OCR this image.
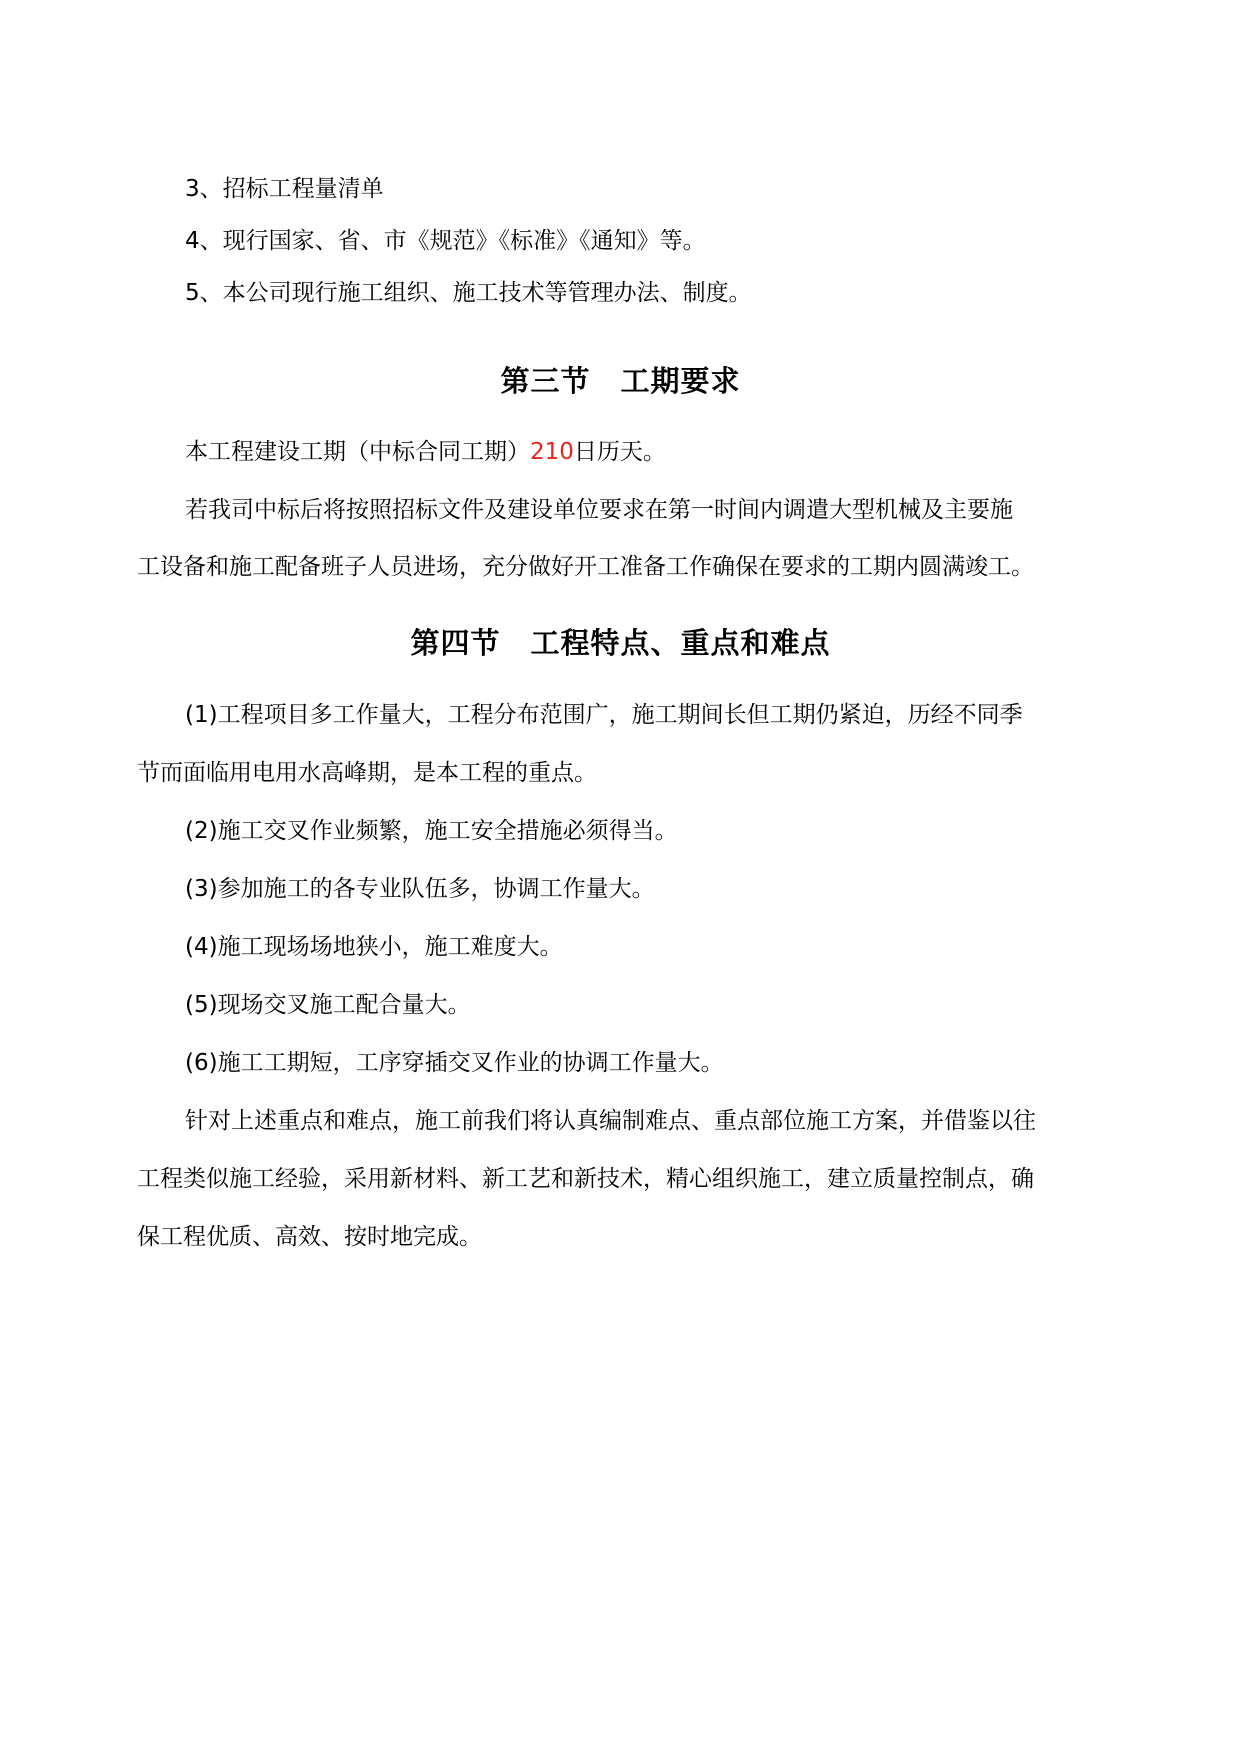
3、招标工程量清单
4、现行国家、省、市《规范》《标准》《通知》等。
5、本公司现行施工组织、施工技术等管理办法、制度。
第三节　工期要求
本工程建设工期（中标合同工期）210日历天。
若我司中标后将按照招标文件及建设单位要求在第一时间内调遣大型机械及主要施
工设备和施工配备班子人员进场，充分做好开工准备工作确保在要求的工期内圆满竣工。
第四节　工程特点、重点和难点
(1)工程项目多工作量大，工程分布范围广，施工期间长但工期仍紧迫，历经不同季
节而面临用电用水高峰期，是本工程的重点。
(2)施工交叉作业频繁，施工安全措施必须得当。
(3)参加施工的各专业队伍多，协调工作量大。
(4)施工现场场地狭小，施工难度大。
(5)现场交叉施工配合量大。
(6)施工工期短，工序穿插交叉作业的协调工作量大。
针对上述重点和难点，施工前我们将认真编制难点、重点部位施工方案，并借鉴以往
工程类似施工经验，采用新材料、新工艺和新技术，精心组织施工，建立质量控制点，确
保工程优质、高效、按时地完成。
